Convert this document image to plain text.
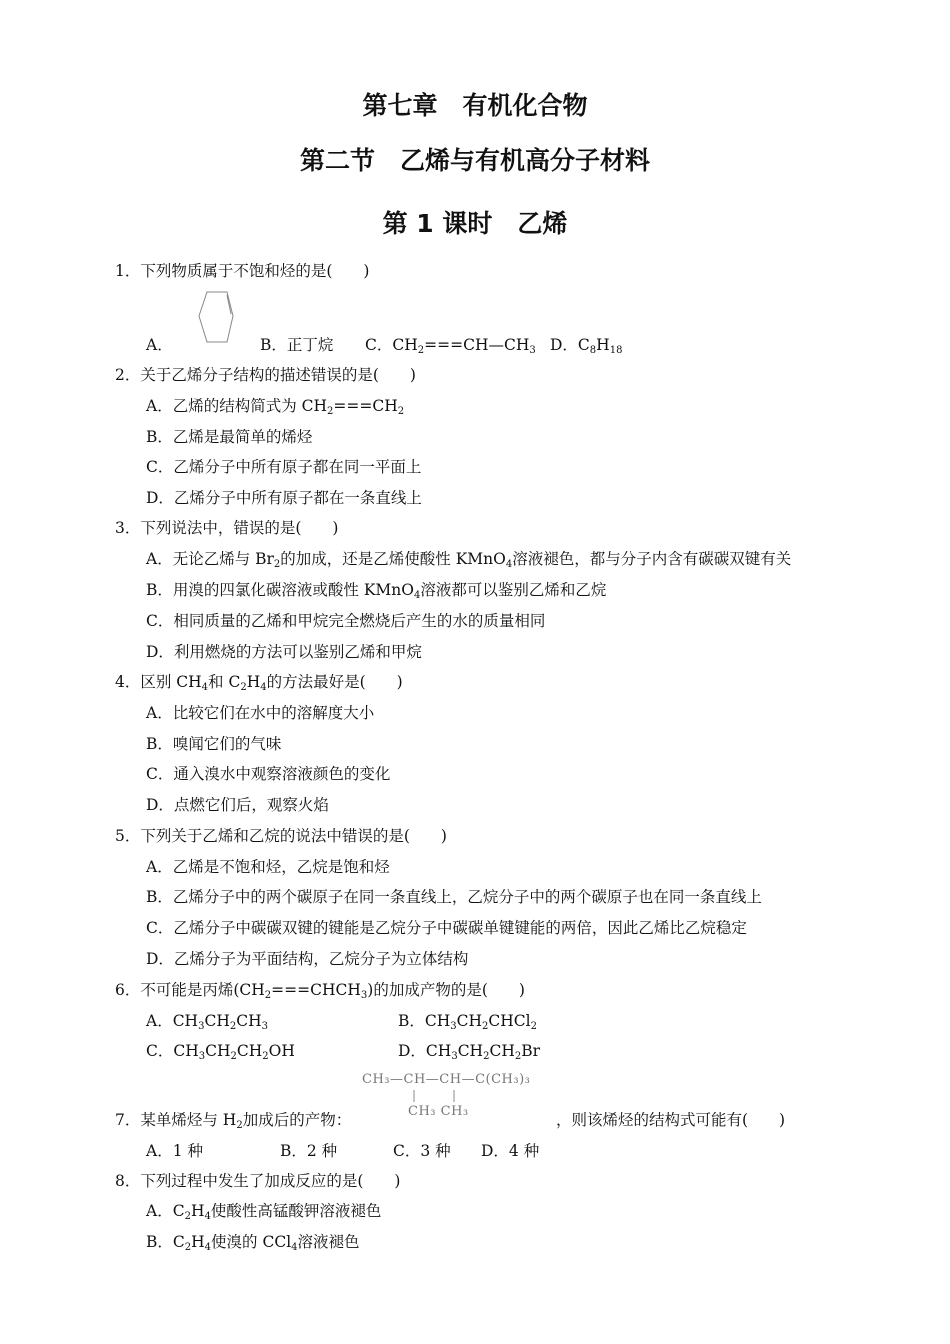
第七章　有机化合物
第二节　乙烯与有机高分子材料
第 1 课时　乙烯
1．下列物质属于不饱和烃的是(　　)
A．	B．正丁烷 C．$CH_2===CH—CH_3$ D．$C_8H_{18}$
2．关于乙烯分子结构的描述错误的是(　　)
A．乙烯的结构简式为 $CH_2===CH_2$
B．乙烯是最简单的烯烃
C．乙烯分子中所有原子都在同一平面上
D．乙烯分子中所有原子都在一条直线上
3．下列说法中，错误的是(　　)
A．无论乙烯与 $Br_2$的加成，还是乙烯使酸性 KMnO$_4$溶液褪色，都与分子内含有碳碳双键有关
B．用溴的四氯化碳溶液或酸性 KMnO$_4$溶液都可以鉴别乙烯和乙烷
C．相同质量的乙烯和甲烷完全燃烧后产生的水的质量相同
D．利用燃烧的方法可以鉴别乙烯和甲烷
4．区别 $CH_4$和 $C_2H_4$的方法最好是(　　)
A．比较它们在水中的溶解度大小
B．嗅闻它们的气味
C．通入溴水中观察溶液颜色的变化
D．点燃它们后，观察火焰
5．下列关于乙烯和乙烷的说法中错误的是(　　)
A．乙烯是不饱和烃，乙烷是饱和烃
B．乙烯分子中的两个碳原子在同一条直线上，乙烷分子中的两个碳原子也在同一条直线上
C．乙烯分子中碳碳双键的键能是乙烷分子中碳碳单键键能的两倍，因此乙烯比乙烷稳定
D．乙烯分子为平面结构，乙烷分子为立体结构
6．不可能是丙烯$(CH_2===CHCH_3)$的加成产物的是(　　)
A．$CH_3CH_2CH_3$	B．$CH_3CH_2CHCl_2$
C．$CH_3CH_2CH_2OH$	D．$CH_3CH_2CH_2Br$
CH₃—CH—CH—C(CH₃)₃
CH₃ CH₃
7．某单烯烃与 $H_2$加成后的产物：	，则该烯烃的结构式可能有(　　)
A．1 种	B．2 种	C．3 种 D．4 种
8．下列过程中发生了加成反应的是(　　)
A．$C_2H_4$使酸性高锰酸钾溶液褪色
B．$C_2H_4$使溴的 CCl$_4$溶液褪色
